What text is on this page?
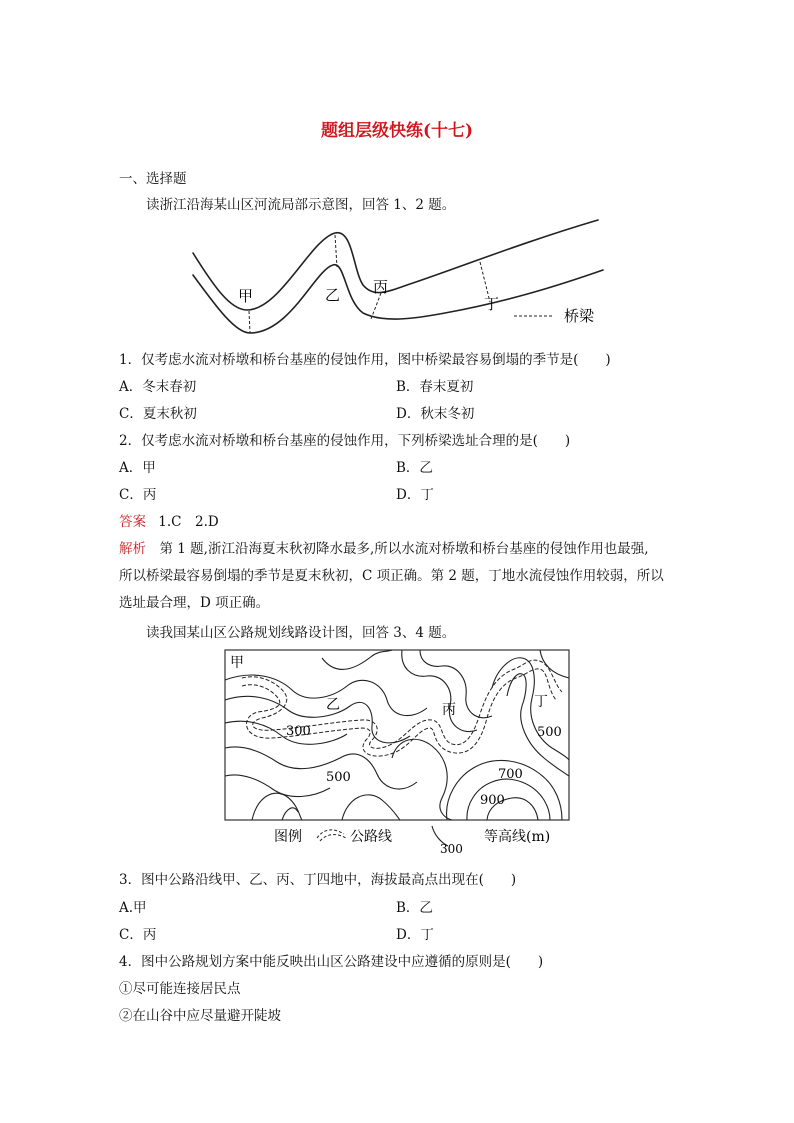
题组层级快练(十七)
一、选择题
读浙江沿海某山区河流局部示意图，回答 1、2 题。
甲	乙 丙
丁
桥梁
1．仅考虑水流对桥墩和桥台基座的侵蚀作用，图中桥梁最容易倒塌的季节是(　　)
A．冬末春初	B．春末夏初
C．夏末秋初	D．秋末冬初
2．仅考虑水流对桥墩和桥台基座的侵蚀作用，下列桥梁选址合理的是(　　)
A．甲	B．乙
C．丙	D．丁
答案 1.C　2.D
解析　第 1 题,浙江沿海夏末秋初降水最多,所以水流对桥墩和桥台基座的侵蚀作用也最强,
所以桥梁最容易倒塌的季节是夏末秋初，C 项正确。第 2 题，丁地水流侵蚀作用较弱，所以
选址最合理，D 项正确。
读我国某山区公路规划线路设计图，回答 3、4 题。
甲
乙	丙	丁
300
500
500
700
900
图例	公路线
300
等高线(m)
3．图中公路沿线甲、乙、丙、丁四地中，海拔最高点出现在(　　)
A.甲	B．乙
C．丙	D．丁
4．图中公路规划方案中能反映出山区公路建设中应遵循的原则是(　　)
①尽可能连接居民点
②在山谷中应尽量避开陡坡
